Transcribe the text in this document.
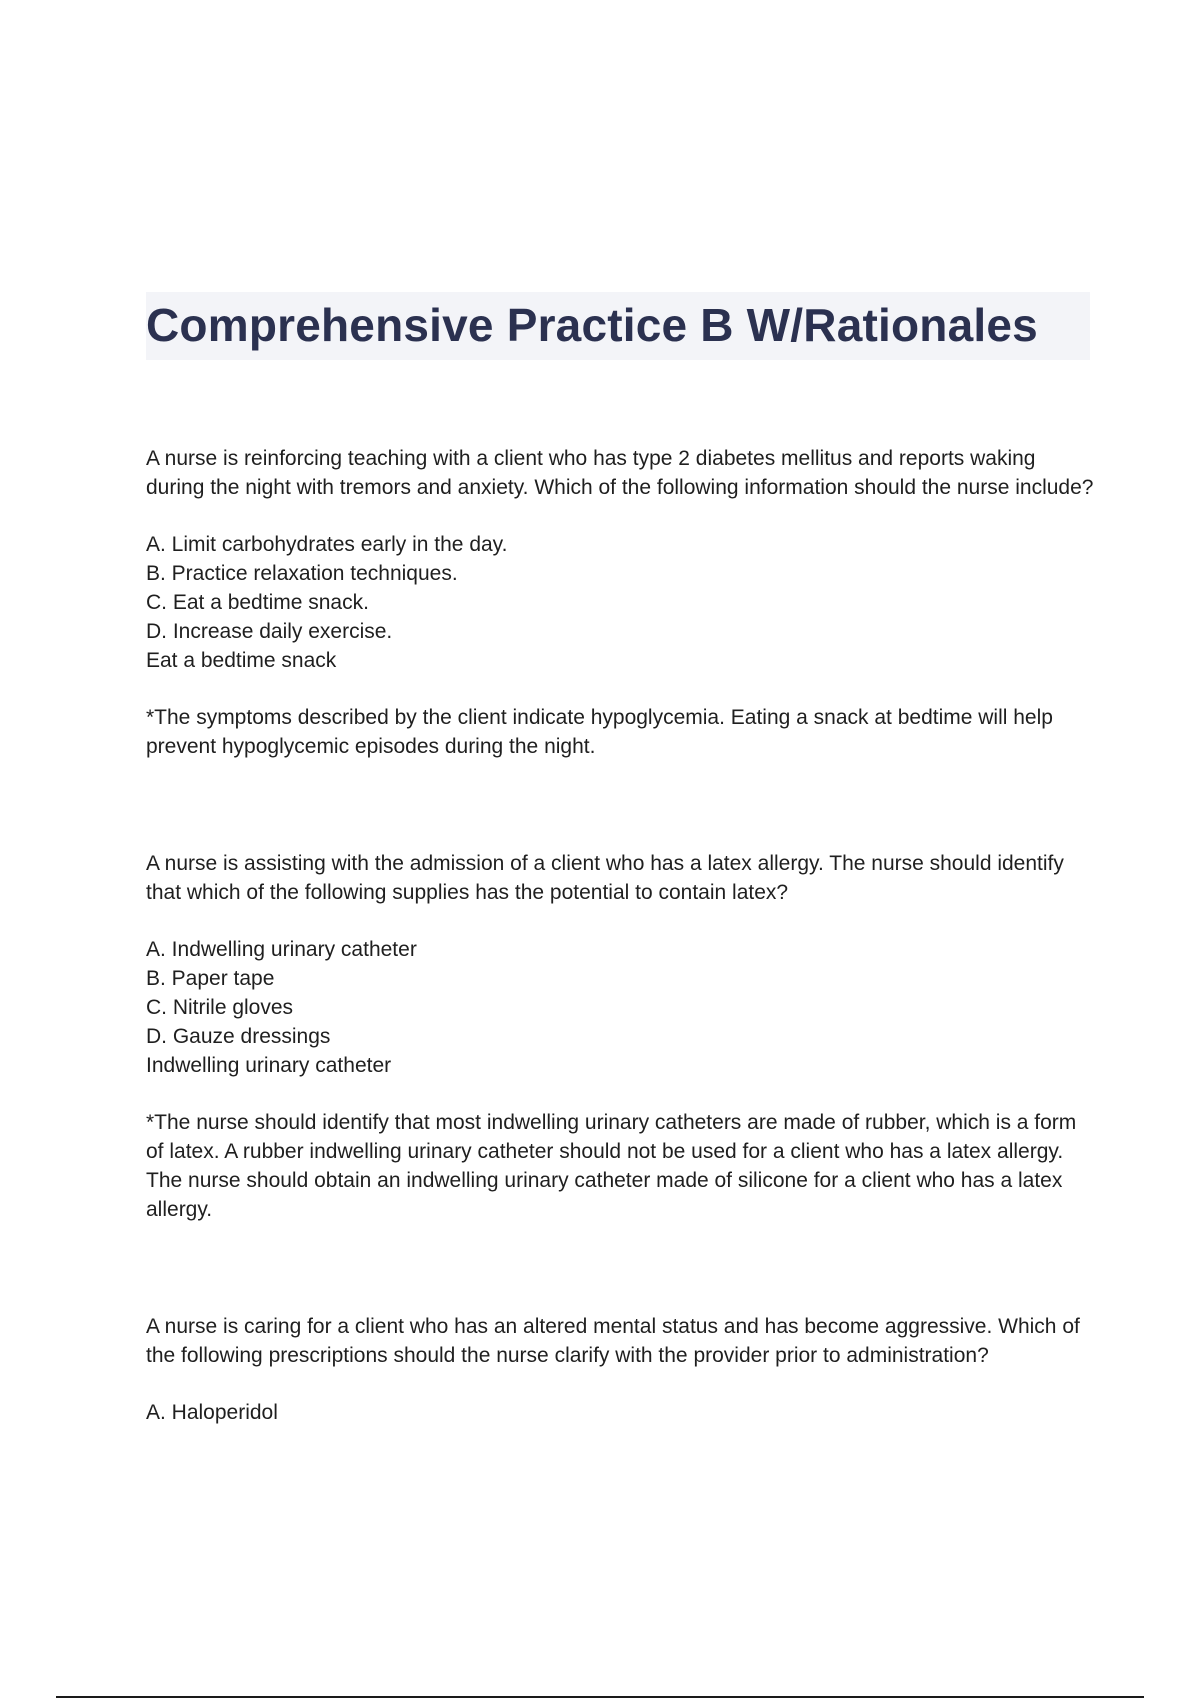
Comprehensive Practice B W/Rationales

A nurse is reinforcing teaching with a client who has type 2 diabetes mellitus and reports waking during the night with tremors and anxiety. Which of the following information should the nurse include?

A. Limit carbohydrates early in the day.
B. Practice relaxation techniques.
C. Eat a bedtime snack.
D. Increase daily exercise.

Eat a bedtime snack

*The symptoms described by the client indicate hypoglycemia. Eating a snack at bedtime will help prevent hypoglycemic episodes during the night.

A nurse is assisting with the admission of a client who has a latex allergy. The nurse should identify that which of the following supplies has the potential to contain latex?

A. Indwelling urinary catheter
B. Paper tape
C. Nitrile gloves
D. Gauze dressings

Indwelling urinary catheter

*The nurse should identify that most indwelling urinary catheters are made of rubber, which is a form of latex. A rubber indwelling urinary catheter should not be used for a client who has a latex allergy. The nurse should obtain an indwelling urinary catheter made of silicone for a client who has a latex allergy.

A nurse is caring for a client who has an altered mental status and has become aggressive. Which of the following prescriptions should the nurse clarify with the provider prior to administration?

A. Haloperidol
